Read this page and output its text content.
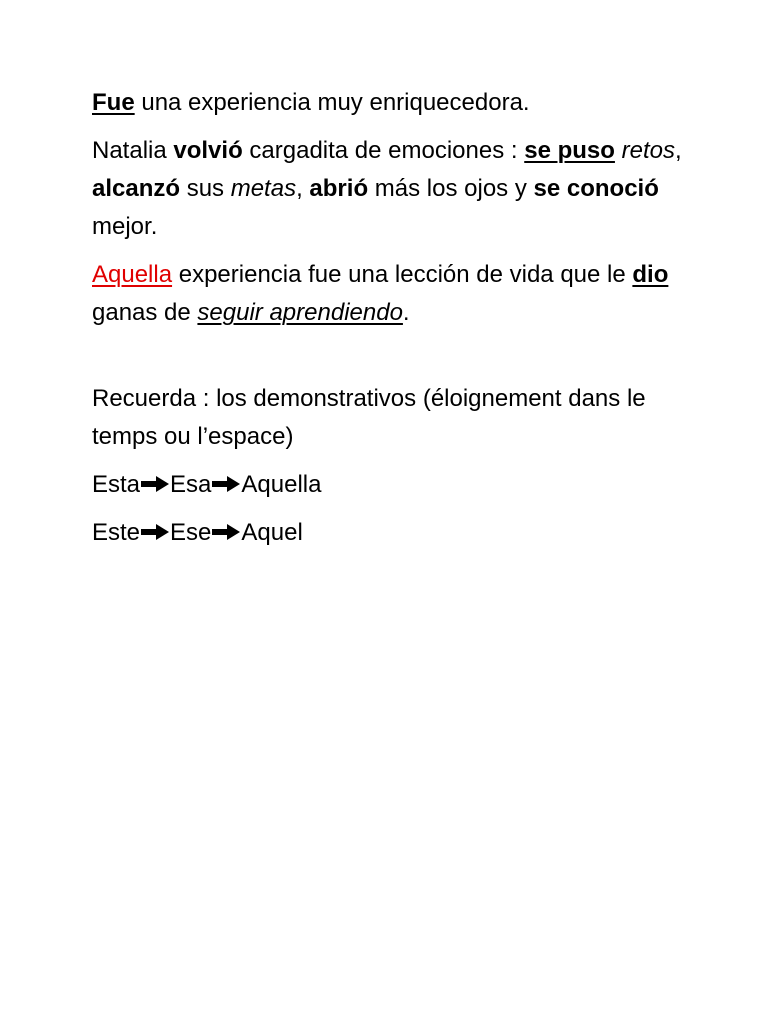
Fue una experiencia muy enriquecedora.

Natalia volvió cargadita de emociones : se puso retos, alcanzó sus metas, abrió más los ojos y se conoció mejor.

Aquella experiencia fue una lección de vida que le dio ganas de seguir aprendiendo.

Recuerda : los demonstrativos (éloignement dans le temps ou l’espace)

Esta Esa Aquella

Este Ese Aquel
